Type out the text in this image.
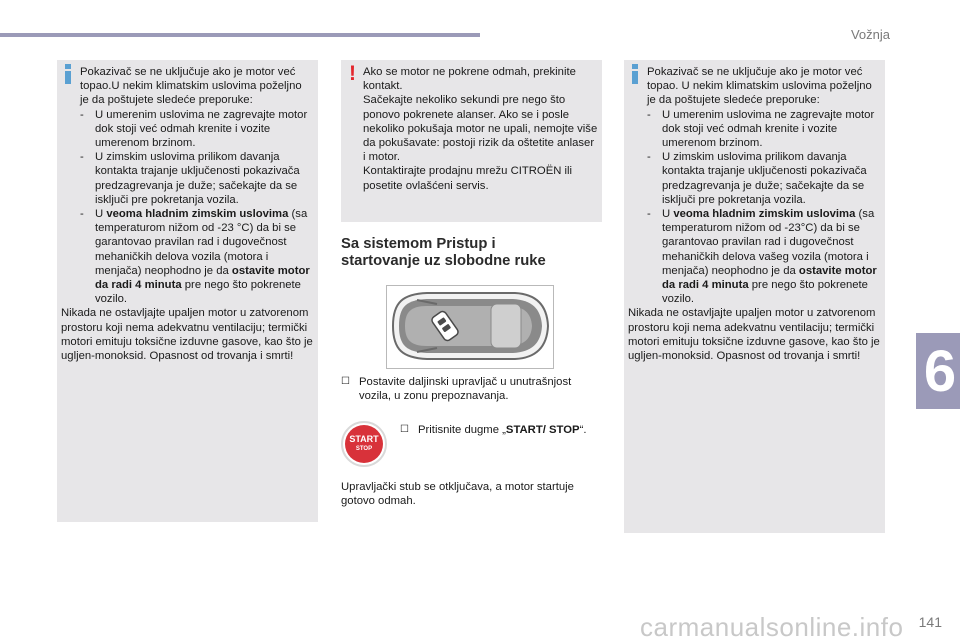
Vožnja
6

Pokazivač se ne uključuje ako je motor već topao.U nekim klimatskim uslovima poželjno je da poštujete sledeće preporuke:

- U umerenim uslovima ne zagrevajte motor dok stoji već odmah krenite i vozite umerenom brzinom.
- U zimskim uslovima prilikom davanja kontakta trajanje uključenosti pokazivača predzagrevanja je duže; sačekajte da se isključi pre pokretanja vozila.
- U veoma hladnim zimskim uslovima (sa temperaturom nižom od -23 °C) da bi se garantovao pravilan rad i dugovečnost mehaničkih delova vozila (motora i menjača) neophodno je da ostavite motor da radi 4 minuta pre nego što pokrenete vozilo.

Nikada ne ostavljajte upaljen motor u zatvorenom prostoru koji nema adekvatnu ventilaciju; termički motori emituju toksične izduvne gasove, kao što je ugljen-monoksid. Opasnost od trovanja i smrti!

! Ako se motor ne pokrene odmah, prekinite kontakt.

Sačekajte nekoliko sekundi pre nego što ponovo pokrenete alanser. Ako se i posle nekoliko pokušaja motor ne upali, nemojte više da pokušavate: postoji rizik da oštetite anlaser i motor.

Kontaktirajte prodajnu mrežu CITROËN ili posetite ovlašćeni servis.

Sa sistemom Pristup i
startovanje uz slobodne ruke
☐ Postavite daljinski upravljač u unutrašnjost vozila, u zonu prepoznavanja.
START
STOP
☐ Pritisnite dugme „START/ STOP“.
Upravljački stub se otključava, a motor startuje gotovo odmah.

Pokazivač se ne uključuje ako je motor već topao. U nekim klimatskim uslovima poželjno je da poštujete sledeće preporuke:

- U umerenim uslovima ne zagrevajte motor dok stoji već odmah krenite i vozite umerenom brzinom.
- U zimskim uslovima prilikom davanja kontakta trajanje uključenosti pokazivača predzagrevanja je duže; sačekajte da se isključi pre pokretanja vozila.
- U veoma hladnim zimskim uslovima (sa temperaturom nižom od -23°C) da bi se garantovao pravilan rad i dugovečnost mehaničkih delova vašeg vozila (motora i menjača) neophodno je da ostavite motor da radi 4 minuta pre nego što pokrenete vozilo.

Nikada ne ostavljajte upaljen motor u zatvorenom prostoru koji nema adekvatnu ventilaciju; termički motori emituju toksične izduvne gasove, kao što je ugljen-monoksid. Opasnost od trovanja i smrti!

carmanualsonline.info 141
